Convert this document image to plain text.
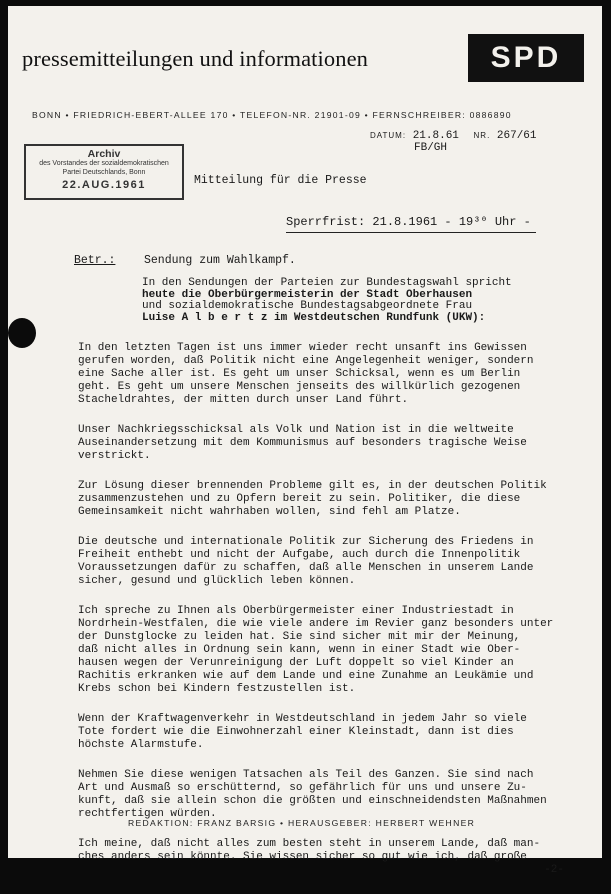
pressemitteilungen und informationen	SPD
BONN • FRIEDRICH-EBERT-ALLEE 170 • TELEFON-NR. 21901-09 • FERNSCHREIBER: 0886890
DATUM: 21.8.61 NR. 267/61
FB/GH
Archiv
des Vorstandes der sozialdemokratischen
Partei Deutschlands, Bonn
22.AUG.1961	Mitteilung für die Presse
Sperrfrist: 21.8.1961 - 19³⁰ Uhr -
Betr.: Sendung zum Wahlkampf.
In den Sendungen der Parteien zur Bundestagswahl spricht
heute die Oberbürgermeisterin der Stadt Oberhausen
und sozialdemokratische Bundestagsabgeordnete Frau
Luise A l b e r t z im Westdeutschen Rundfunk (UKW):
In den letzten Tagen ist uns immer wieder recht unsanft ins Gewissen
gerufen worden, daß Politik nicht eine Angelegenheit weniger, sondern
eine Sache aller ist. Es geht um unser Schicksal, wenn es um Berlin
geht. Es geht um unsere Menschen jenseits des willkürlich gezogenen
Stacheldrahtes, der mitten durch unser Land führt.
Unser Nachkriegsschicksal als Volk und Nation ist in die weltweite
Auseinandersetzung mit dem Kommunismus auf besonders tragische Weise
verstrickt.
Zur Lösung dieser brennenden Probleme gilt es, in der deutschen Politik
zusammenzustehen und zu Opfern bereit zu sein. Politiker, die diese
Gemeinsamkeit nicht wahrhaben wollen, sind fehl am Platze.
Die deutsche und internationale Politik zur Sicherung des Friedens in
Freiheit enthebt und nicht der Aufgabe, auch durch die Innenpolitik
Voraussetzungen dafür zu schaffen, daß alle Menschen in unserem Lande
sicher, gesund und glücklich leben können.
Ich spreche zu Ihnen als Oberbürgermeister einer Industriestadt in
Nordrhein-Westfalen, die wie viele andere im Revier ganz besonders unter
der Dunstglocke zu leiden hat. Sie sind sicher mit mir der Meinung,
daß nicht alles in Ordnung sein kann, wenn in einer Stadt wie Ober-
hausen wegen der Verunreinigung der Luft doppelt so viel Kinder an
Rachitis erkranken wie auf dem Lande und eine Zunahme an Leukämie und
Krebs schon bei Kindern festzustellen ist.
Wenn der Kraftwagenverkehr in Westdeutschland in jedem Jahr so viele
Tote fordert wie die Einwohnerzahl einer Kleinstadt, dann ist dies
höchste Alarmstufe.
Nehmen Sie diese wenigen Tatsachen als Teil des Ganzen. Sie sind nach
Art und Ausmaß so erschütternd, so gefährlich für uns und unsere Zu-
kunft, daß sie allein schon die größten und einschneidendsten Maßnahmen
rechtfertigen würden.
Ich meine, daß nicht alles zum besten steht in unserem Lande, daß man-
ches anders sein könnte. Sie wissen sicher so gut wie ich, daß große
-2-
REDAKTION: FRANZ BARSIG • HERAUSGEBER: HERBERT WEHNER
